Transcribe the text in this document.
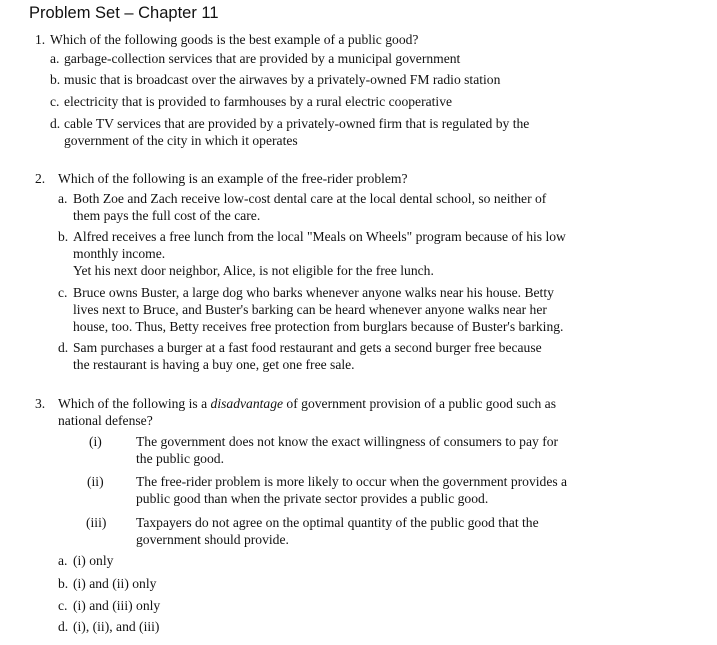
Problem Set – Chapter 11
1. Which of the following goods is the best example of a public good?
a. garbage-collection services that are provided by a municipal government
b. music that is broadcast over the airwaves by a privately-owned FM radio station
c. electricity that is provided to farmhouses by a rural electric cooperative
d. cable TV services that are provided by a privately-owned firm that is regulated by the
government of the city in which it operates
2. Which of the following is an example of the free-rider problem?
a. Both Zoe and Zach receive low-cost dental care at the local dental school, so neither of
them pays the full cost of the care.
b. Alfred receives a free lunch from the local "Meals on Wheels" program because of his low
monthly income.
Yet his next door neighbor, Alice, is not eligible for the free lunch.
c. Bruce owns Buster, a large dog who barks whenever anyone walks near his house. Betty
lives next to Bruce, and Buster's barking can be heard whenever anyone walks near her
house, too. Thus, Betty receives free protection from burglars because of Buster's barking.
d. Sam purchases a burger at a fast food restaurant and gets a second burger free because
the restaurant is having a buy one, get one free sale.
3. Which of the following is a disadvantage of government provision of a public good such as
national defense?
(i)	The government does not know the exact willingness of consumers to pay for
the public good.
(ii) The free-rider problem is more likely to occur when the government provides a
public good than when the private sector provides a public good.
(iii) Taxpayers do not agree on the optimal quantity of the public good that the
government should provide.
a. (i) only
b. (i) and (ii) only
c. (i) and (iii) only
d. (i), (ii), and (iii)
